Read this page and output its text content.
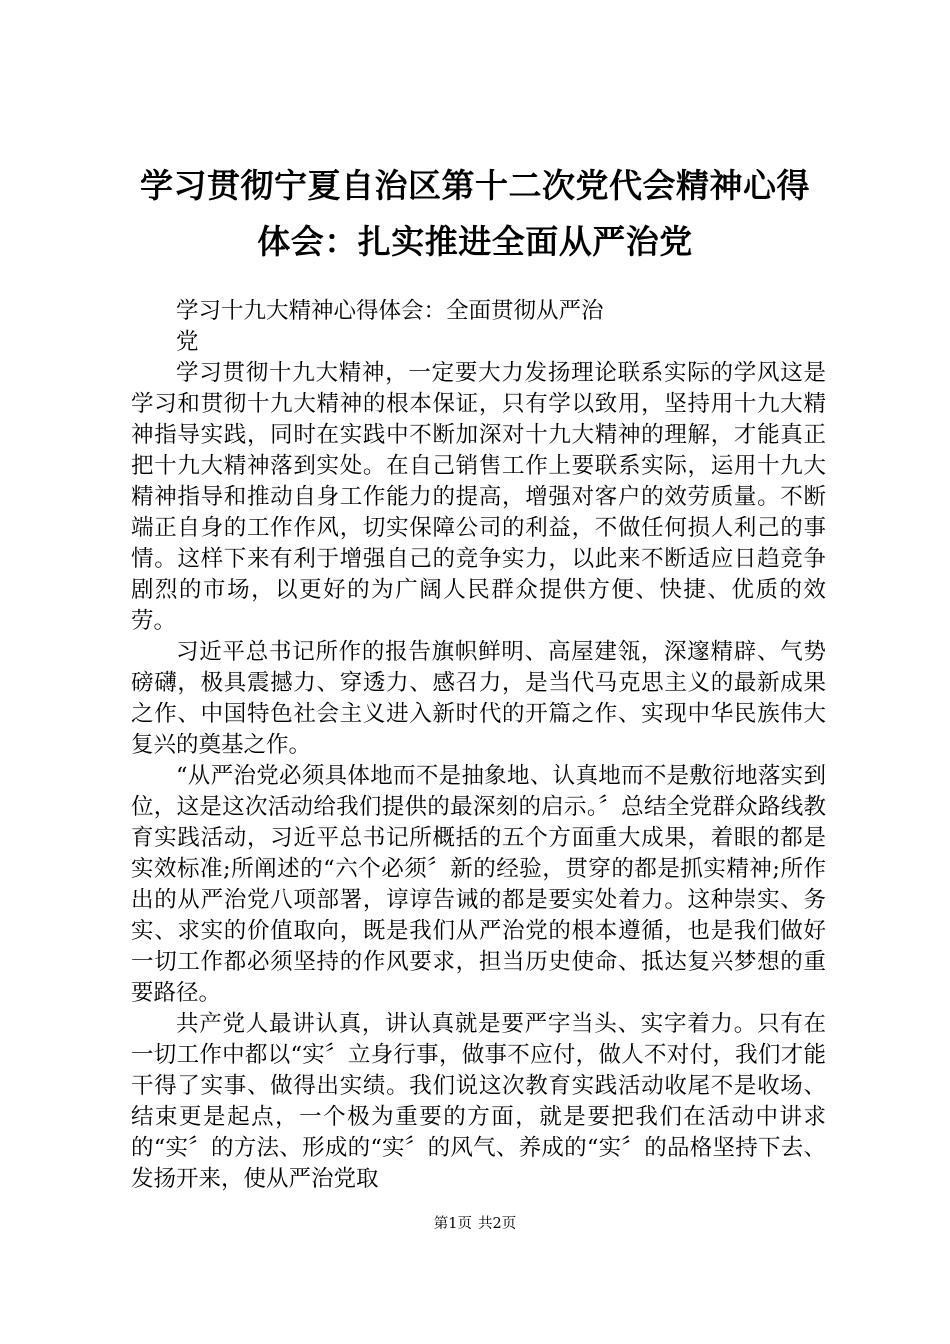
学习贯彻宁夏自治区第十二次党代会精神心得
体会：扎实推进全面从严治党
学习十九大精神心得体会：全面贯彻从严治党

学习贯彻十九大精神，一定要大力发扬理论联系实际的学风这是学习和贯彻十九大精神的根本保证，只有学以致用，坚持用十九大精神指导实践，同时在实践中不断加深对十九大精神的理解，才能真正把十九大精神落到实处。在自己销售工作上要联系实际，运用十九大精神指导和推动自身工作能力的提高，增强对客户的效劳质量。不断端正自身的工作作风，切实保障公司的利益，不做任何损人利己的事情。这样下来有利于增强自己的竞争实力，以此来不断适应日趋竞争剧烈的市场，以更好的为广阔人民群众提供方便、快捷、优质的效劳。

习近平总书记所作的报告旗帜鲜明、高屋建瓴，深邃精辟、气势磅礴，极具震撼力、穿透力、感召力，是当代马克思主义的最新成果之作、中国特色社会主义进入新时代的开篇之作、实现中华民族伟大复兴的奠基之作。

“从严治党必须具体地而不是抽象地、认真地而不是敷衍地落实到位，这是这次活动给我们提供的最深刻的启示。〞总结全党群众路线教育实践活动，习近平总书记所概括的五个方面重大成果，着眼的都是实效标准;所阐述的“六个必须〞新的经验，贯穿的都是抓实精神;所作出的从严治党八项部署，谆谆告诫的都是要实处着力。这种崇实、务实、求实的价值取向，既是我们从严治党的根本遵循，也是我们做好一切工作都必须坚持的作风要求，担当历史使命、抵达复兴梦想的重要路径。

共产党人最讲认真，讲认真就是要严字当头、实字着力。只有在一切工作中都以“实〞立身行事，做事不应付，做人不对付，我们才能干得了实事、做得出实绩。我们说这次教育实践活动收尾不是收场、结束更是起点，一个极为重要的方面，就是要把我们在活动中讲求的“实〞的方法、形成的“实〞的风气、养成的“实〞的品格坚持下去、发扬开来，使从严治党取

第1页 共2页
